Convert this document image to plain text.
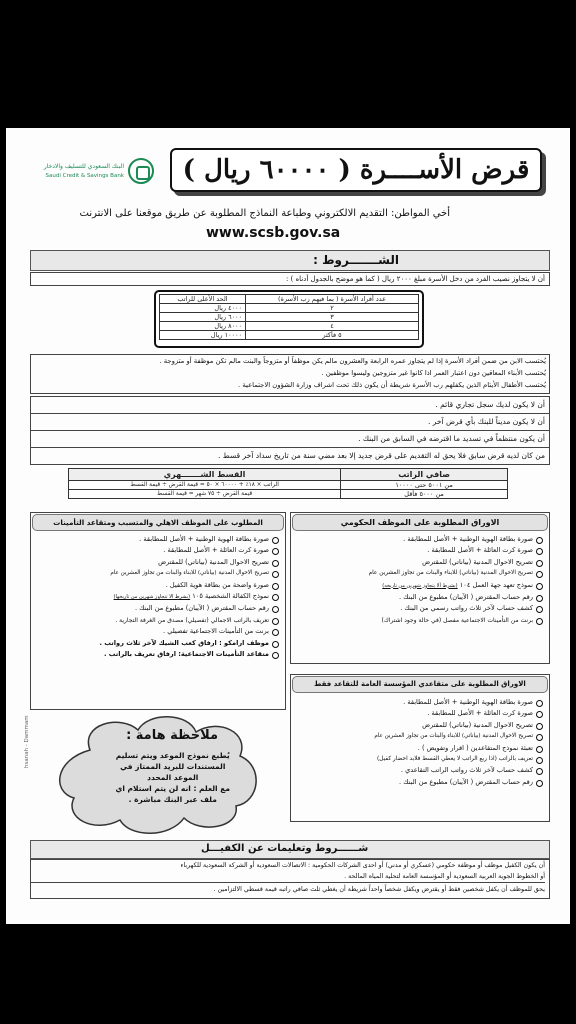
البنك السعودي للتسليف والادخار
Saudi Credit & Savings Bank	قرض الأســــرة ( ٦٠٠٠٠ ريال )
أخي المواطن: التقديم الالكتروني وطباعة النماذج المطلوبة عن طريق موقعنا على الانترنت
www.scsb.gov.sa
الشـــــــروط :
أن لا يتجاوز نصيب الفرد من دخل الأسرة مبلغ ٢٠٠٠ ريال ( كما هو موضح بالجدول أدناه ) :
عدد أفراد الأسرة ( بما فيهم رب الأسرة)	الحد الأعلى للراتب
٢	٤٠٠٠ ريال
٣	٦٠٠٠ ريال
٤	٨٠٠٠ ريال
٥ فأكثر	١٠٠٠٠ ريال
يُحتسب الابن من ضمن أفراد الأسرة إذا لم يتجاوز عمره الرابعة والعشرون مالم يكن موظفاً أو متزوجاً والبنت مالم تكن موظفة أو متزوجة .
يُحتسب الأبناء المعاقين دون اعتبار العمر اذا كانوا غير متزوجين وليسوا موظفين .
يُحتسب الأطفال الأيتام الذين يكفلهم رب الأسرة شريطة أن يكون ذلك تحت اشراف وزارة الشؤون الاجتماعية .
أن لا يكون لديك سجل تجاري قائم .
أن لا يكون مديناً للبنك بأي قرض آخر .
أن يكون منتظماً في تسديد ما اقترضه في السابق من البنك .
من كان لديه قرض سابق فلا يحق له التقديم على قرض جديد إلا بعد مضي سنة من تاريخ سداد آخر قسط .
صافي الراتب	القسط الشـــــــهري
من ٥٠٠١ حتى ١٠٠٠٠	الراتب × ١٨٪ + ٦٠٠٠٠ × ٥٠ = قيمة القرض ÷ قيمة القسط
من ٥٠٠٠ فأقل	قيمة القرض ÷ ٧٥ شهر = قيمة القسط
الاوراق المطلوبة على الموظف الحكومي
صورة بطاقة الهوية الوطنية + الأصل للمطابقة .
صورة كرت العائلة + الأصل للمطابقة .
تصريح الاحوال المدنية (بياناتي) للمقترض
تصريح الاحوال المدنية (بياناتي) للابناء والبنات من تجاوز العشرين عام
نموذج تعهد جهة العمل ١٠٤ (بشرط ألا يتجاوز شهرين من تاريخه)
رقم حساب المقترض ( الآيبان) مطبوع من البنك .
كشف حساب لآخر ثلاث رواتب رسمي من البنك .
برنت من التأمينات الاجتماعية مفصل (في حالة وجود اشتراك)
المطلوب على الموظف الاهلي والمتسبب ومتقاعد التأمينات
صورة بطاقة الهوية الوطنية + الأصل للمطابقة .
صورة كرت العائلة + الأصل للمطابقة .
تصريح الاحوال المدنية (بياناتي) للمقترض
تصريح الاحوال المدنية (بياناتي) للابناء والبنات من تجاوز العشرين عام
صورة واضحة من بطاقة هوية الكفيل .
نموذج الكفالة الشخصية ١٠٥ (بشرط الا تتجاوز شهرين من تاريخها)
رقم حساب المقترض ( الآيبان) مطبوع من البنك .
تعريف بالراتب الاجمالي (تفصيلي) مصدق من الغرفة التجارية .
برنت من التأمينات الاجتماعية تفصيلي .
موظف ارامكو : ارفاق كعب الشيك لآخر ثلاث رواتب .
متقاعد التأمينات الاجتماعية: ارفاق تعريف بالراتب .
الاوراق المطلوبة على متقاعدي المؤسسة العامة للتقاعد فقط
صورة بطاقة الهوية الوطنية + الأصل للمطابقة .
صورة كرت العائلة + الأصل للمطابقة .
تصريح الاحوال المدنية (بياناتي) للمقترض
تصريح الاحوال المدنية (بياناتي) للابناء والبنات من تجاوز العشرين عام
تعبئة نموذج المتقاعدين ( اقرار وتفويض ) .
تعريف بالراتب (اذا ربع الراتب لا يغطي القسط فلابد احضار كفيل)
كشف حساب لآخر ثلاث رواتب الراتب التقاعدي .
رقم حساب المقترض ( الآيبان) مطبوع من البنك .
ملاحظة هامة :
يُطبع نموذج الموعد ويتم تسليم
المستندات للبريد الممتاز في
الموعد المحدد
مع العلم : انه لن يتم استلام اي
ملف عبر البنك مباشرة .
hsanah - Dammam
شــــــروط وتعليمات عن الكفيـــل
أن يكون الكفيل موظف أو موظفة حكومي (عسكري أو مدني) أو احدى الشركات الحكومية : الاتصالات السعودية أو الشركة السعودية للكهرباء
أو الخطوط الجوية العربية السعودية أو المؤسسة العامة لتحلية المياه المالحة .
يحق للموظف أن يكفل شخصين فقط أو يقترض ويكفل شخصاً واحداً شريطة أن يغطي ثلث صافي راتبه قيمة قسطي الالتزامين .
